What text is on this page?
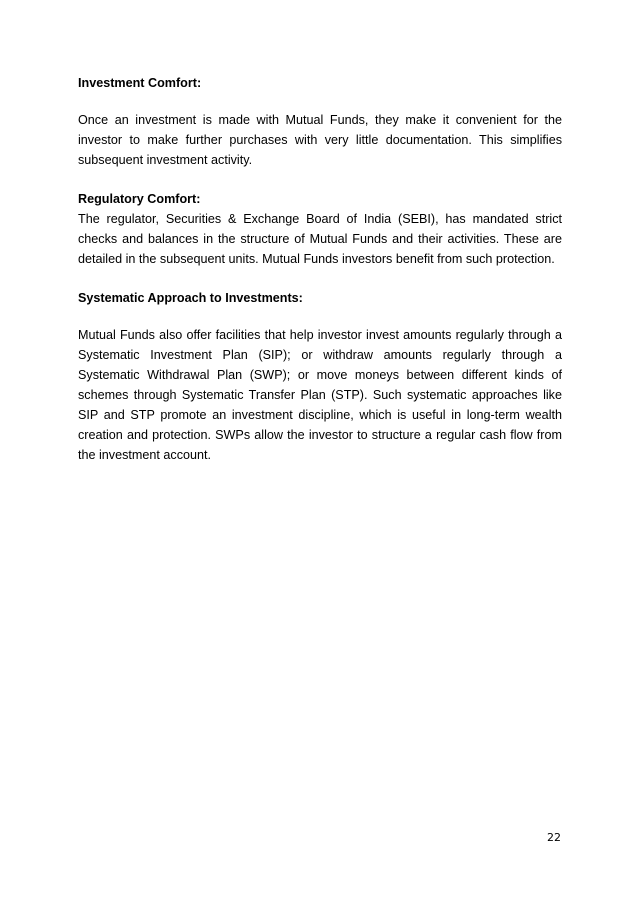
Investment Comfort:

Once an investment is made with Mutual Funds, they make it convenient for the investor to make further purchases with very little documentation. This simplifies subsequent investment activity.

Regulatory Comfort:

The regulator, Securities & Exchange Board of India (SEBI), has mandated strict checks and balances in the structure of Mutual Funds and their activities. These are detailed in the subsequent units. Mutual Funds investors benefit from such protection.

Systematic Approach to Investments:

Mutual Funds also offer facilities that help investor invest amounts regularly through a Systematic Investment Plan (SIP); or withdraw amounts regularly through a Systematic Withdrawal Plan (SWP); or move moneys between different kinds of schemes through Systematic Transfer Plan (STP). Such systematic approaches like SIP and STP promote an investment discipline, which is useful in long-term wealth creation and protection. SWPs allow the investor to structure a regular cash flow from the investment account.

22
